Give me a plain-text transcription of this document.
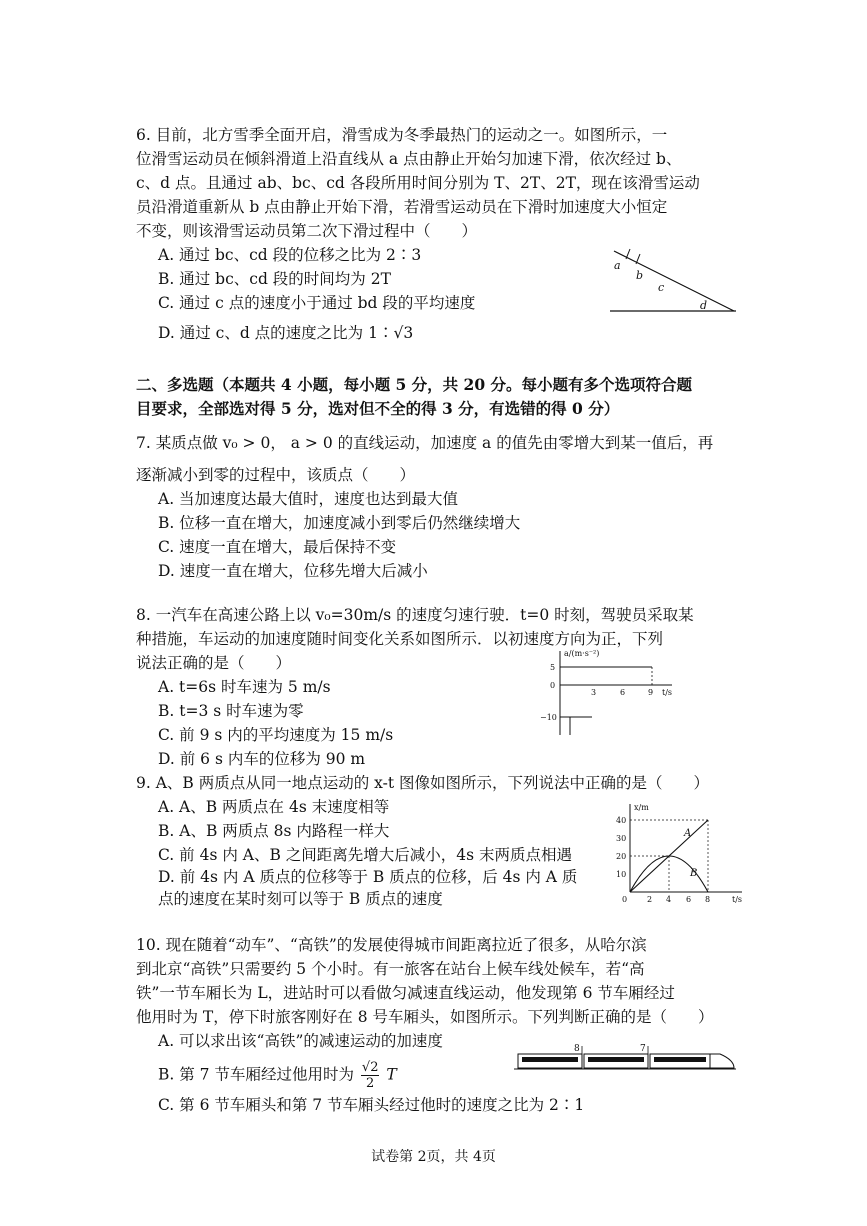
6. 目前，北方雪季全面开启，滑雪成为冬季最热门的运动之一。如图所示，一
位滑雪运动员在倾斜滑道上沿直线从 a 点由静止开始匀加速下滑，依次经过 b、
c、d 点。且通过 ab、bc、cd 各段所用时间分别为 T、2T、2T，现在该滑雪运动
员沿滑道重新从 b 点由静止开始下滑，若滑雪运动员在下滑时加速度大小恒定
不变，则该滑雪运动员第二次下滑过程中（　　）
A. 通过 bc、cd 段的位移之比为 2∶3
B. 通过 bc、cd 段的时间均为 2T
C. 通过 c 点的速度小于通过 bd 段的平均速度
D. 通过 c、d 点的速度之比为 1∶√3
a
b
c
d
二、多选题（本题共 4 小题，每小题 5 分，共 20 分。每小题有多个选项符合题
目要求，全部选对得 5 分，选对但不全的得 3 分，有选错的得 0 分）
7. 某质点做 v₀ > 0， a > 0 的直线运动，加速度 a 的值先由零增大到某一值后，再
逐渐减小到零的过程中，该质点（　　）
A. 当加速度达最大值时，速度也达到最大值
B. 位移一直在增大，加速度减小到零后仍然继续增大
C. 速度一直在增大，最后保持不变
D. 速度一直在增大，位移先增大后减小
8. 一汽车在高速公路上以 v₀=30m/s 的速度匀速行驶．t=0 时刻，驾驶员采取某
种措施，车运动的加速度随时间变化关系如图所示．以初速度方向为正，下列
说法正确的是（　　）
A. t=6s 时车速为 5 m/s
B. t=3 s 时车速为零
C. 前 9 s 内的平均速度为 15 m/s
D. 前 6 s 内车的位移为 90 m
a/(m·s⁻²)
t/s
5
0
−10
3	6	9
9. A、B 两质点从同一地点运动的 x-t 图像如图所示，下列说法中正确的是（　　）
A. A、B 两质点在 4s 末速度相等
B. A、B 两质点 8s 内路程一样大
C. 前 4s 内 A、B 之间距离先增大后减小，4s 末两质点相遇
D. 前 4s 内 A 质点的位移等于 B 质点的位移，后 4s 内 A 质
点的速度在某时刻可以等于 B 质点的速度
x/m
t/s
40
30
20
10
0 2 4 6 8
A
B
10. 现在随着“动车”、“高铁”的发展使得城市间距离拉近了很多，从哈尔滨
到北京“高铁”只需要约 5 个小时。有一旅客在站台上候车线处候车，若“高
铁”一节车厢长为 L，进站时可以看做匀减速直线运动，他发现第 6 节车厢经过
他用时为 T，停下时旅客刚好在 8 号车厢头，如图所示。下列判断正确的是（　　）
A. 可以求出该“高铁”的减速运动的加速度
B. 第 7 节车厢经过他用时为 $\frac{√2}{2}$ T
C. 第 6 节车厢头和第 7 节车厢头经过他时的速度之比为 2∶1
8	7
试卷第 2页，共 4页
